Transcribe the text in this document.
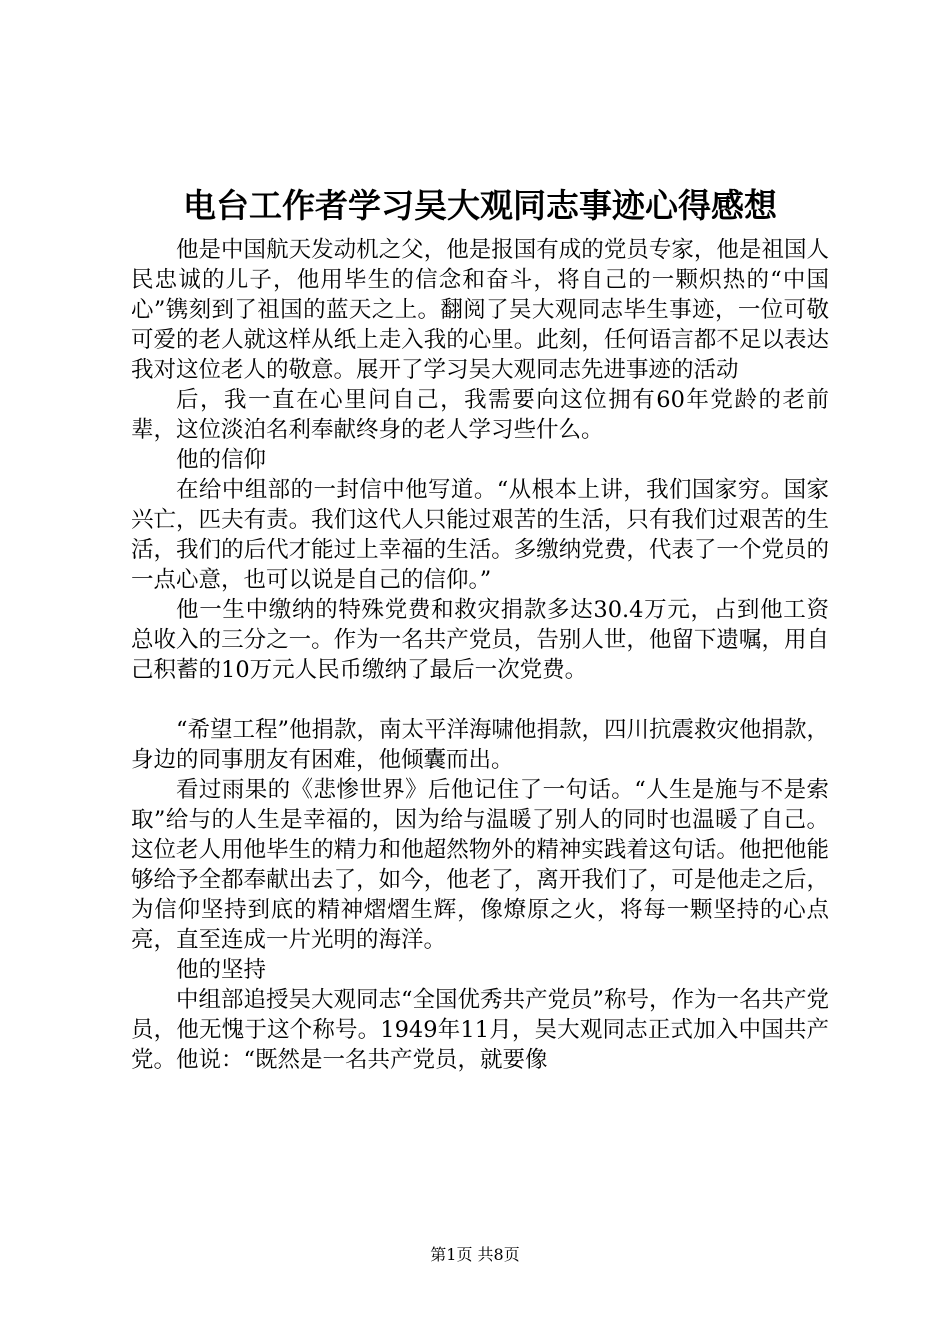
电台工作者学习吴大观同志事迹心得感想

他是中国航天发动机之父，他是报国有成的党员专家，他是祖国人民忠诚的儿子，他用毕生的信念和奋斗，将自己的一颗炽热的“中国心”镌刻到了祖国的蓝天之上。翻阅了吴大观同志毕生事迹，一位可敬可爱的老人就这样从纸上走入我的心里。此刻，任何语言都不足以表达我对这位老人的敬意。展开了学习吴大观同志先进事迹的活动

后，我一直在心里问自己，我需要向这位拥有60年党龄的老前辈，这位淡泊名利奉献终身的老人学习些什么。

他的信仰

在给中组部的一封信中他写道。“从根本上讲，我们国家穷。国家兴亡，匹夫有责。我们这代人只能过艰苦的生活，只有我们过艰苦的生活，我们的后代才能过上幸福的生活。多缴纳党费，代表了一个党员的一点心意，也可以说是自己的信仰。”

他一生中缴纳的特殊党费和救灾捐款多达30.4万元，占到他工资总收入的三分之一。作为一名共产党员，告别人世，他留下遗嘱，用自己积蓄的10万元人民币缴纳了最后一次党费。

“希望工程”他捐款，南太平洋海啸他捐款，四川抗震救灾他捐款，身边的同事朋友有困难，他倾囊而出。

看过雨果的《悲惨世界》后他记住了一句话。“人生是施与不是索取”给与的人生是幸福的，因为给与温暖了别人的同时也温暖了自己。这位老人用他毕生的精力和他超然物外的精神实践着这句话。他把他能够给予全都奉献出去了，如今，他老了，离开我们了，可是他走之后，为信仰坚持到底的精神熠熠生辉，像燎原之火，将每一颗坚持的心点亮，直至连成一片光明的海洋。

他的坚持

中组部追授吴大观同志“全国优秀共产党员”称号，作为一名共产党员，他无愧于这个称号。1949年11月，吴大观同志正式加入中国共产党。他说：“既然是一名共产党员，就要像

第1页 共8页
